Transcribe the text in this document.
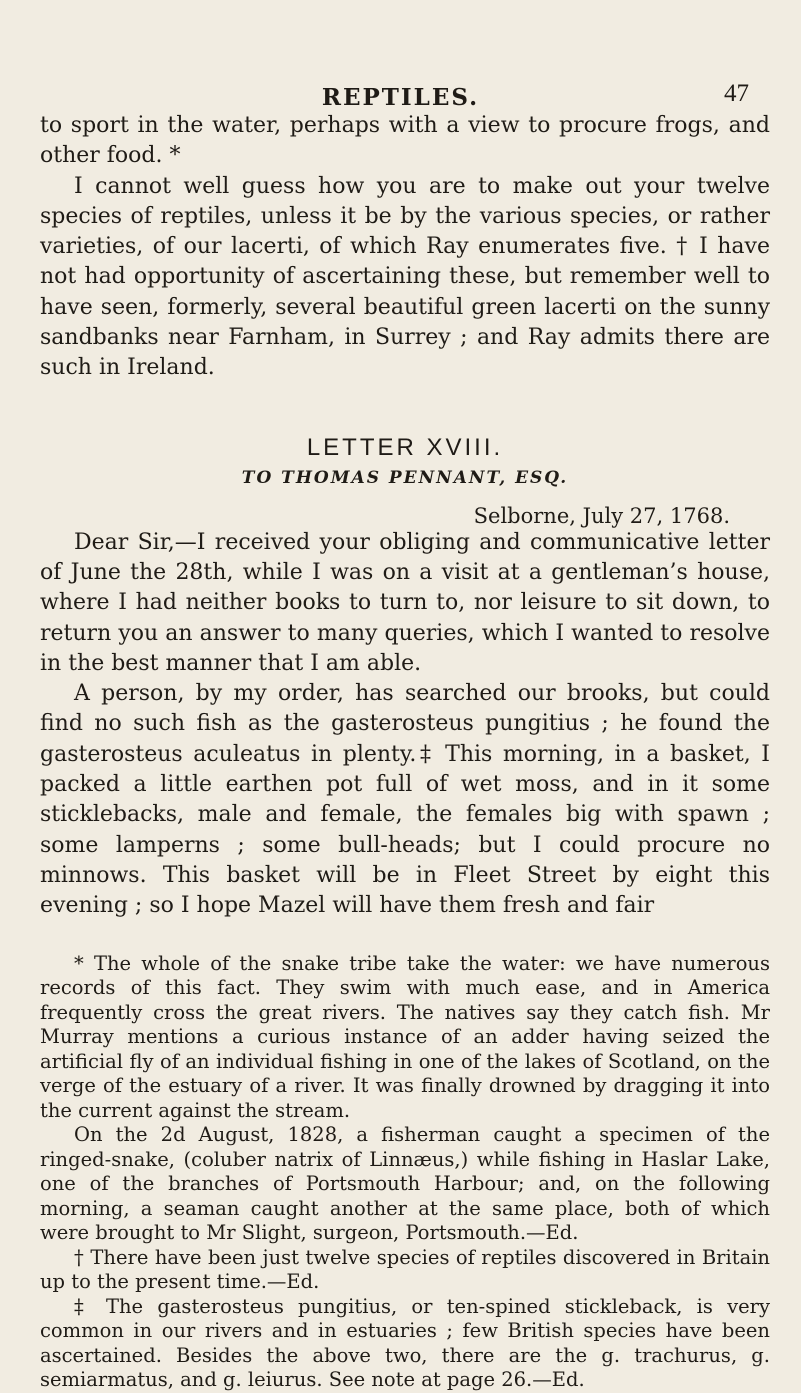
REPTILES.	47

to sport in the water, perhaps with a view to procure frogs, and other food. *

I cannot well guess how you are to make out your twelve species of reptiles, unless it be by the various species, or rather varieties, of our lacerti, of which Ray enumerates five. † I have not had opportunity of ascertaining these, but remember well to have seen, formerly, several beautiful green lacerti on the sunny sandbanks near Farnham, in Surrey ; and Ray admits there are such in Ireland.

LETTER XVIII.
TO THOMAS PENNANT, ESQ.
Selborne, July 27, 1768.

Dear Sir,—I received your obliging and communicative letter of June the 28th, while I was on a visit at a gentleman’s house, where I had neither books to turn to, nor leisure to sit down, to return you an answer to many queries, which I wanted to resolve in the best manner that I am able.

A person, by my order, has searched our brooks, but could find no such fish as the gasterosteus pungitius ; he found the gasterosteus aculeatus in plenty.‡ This morning, in a basket, I packed a little earthen pot full of wet moss, and in it some sticklebacks, male and female, the females big with spawn ; some lamperns ; some bull-heads; but I could procure no minnows. This basket will be in Fleet Street by eight this evening ; so I hope Mazel will have them fresh and fair

* The whole of the snake tribe take the water: we have numerous records of this fact. They swim with much ease, and in America frequently cross the great rivers. The natives say they catch fish. Mr Murray mentions a curious instance of an adder having seized the artificial fly of an individual fishing in one of the lakes of Scotland, on the verge of the estuary of a river. It was finally drowned by dragging it into the current against the stream.

On the 2d August, 1828, a fisherman caught a specimen of the ringed-snake, (coluber natrix of Linnæus,) while fishing in Haslar Lake, one of the branches of Portsmouth Harbour; and, on the following morning, a seaman caught another at the same place, both of which were brought to Mr Slight, surgeon, Portsmouth.—Ed.

† There have been just twelve species of reptiles discovered in Britain up to the present time.—Ed.

‡ The gasterosteus pungitius, or ten-spined stickleback, is very common in our rivers and in estuaries ; few British species have been ascertained. Besides the above two, there are the g. trachurus, g. semiarmatus, and g. leiurus. See note at page 26.—Ed.
